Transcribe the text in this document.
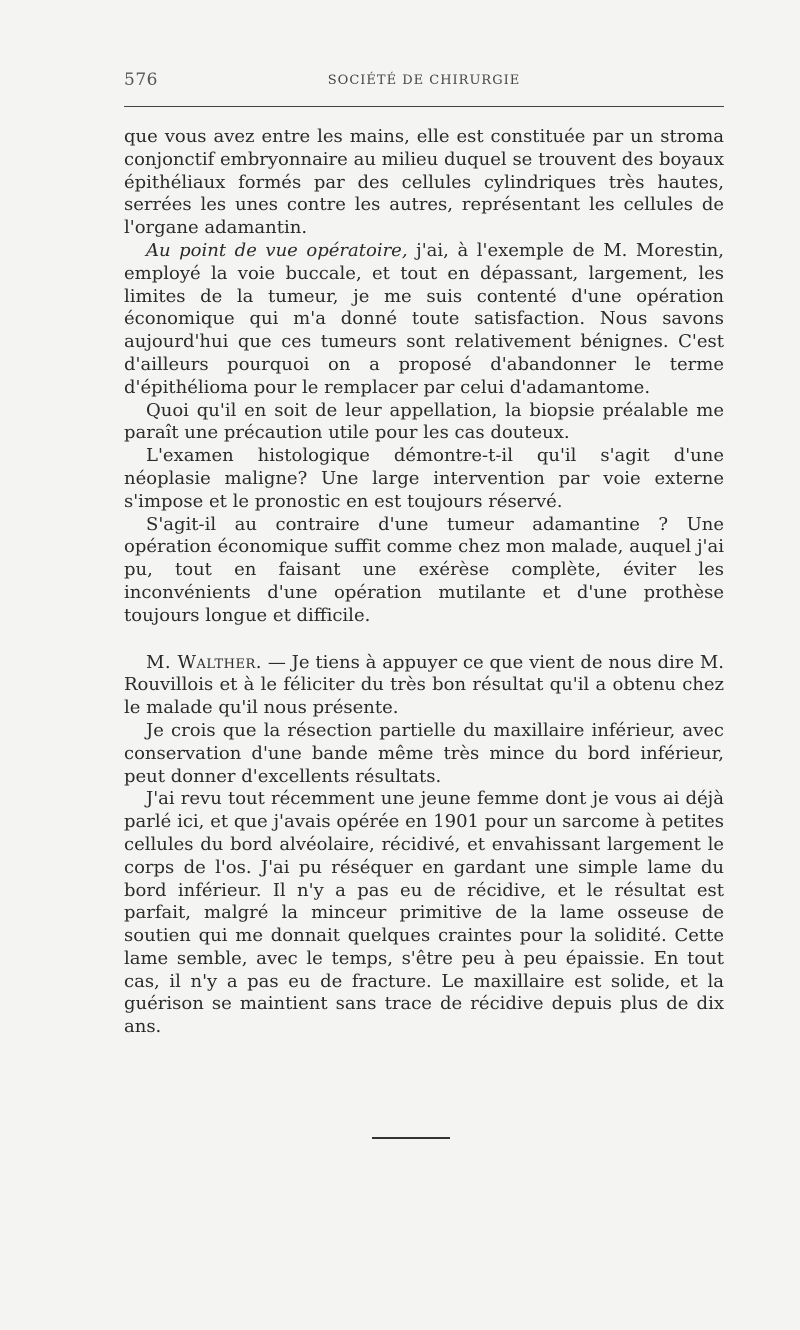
576	SOCIÉTÉ DE CHIRURGIE

que vous avez entre les mains, elle est constituée par un stroma conjonctif embryonnaire au milieu duquel se trouvent des boyaux épithéliaux formés par des cellules cylindriques très hautes, serrées les unes contre les autres, représentant les cellules de l'organe adamantin.

Au point de vue opératoire, j'ai, à l'exemple de M. Morestin, employé la voie buccale, et tout en dépassant, largement, les limites de la tumeur, je me suis contenté d'une opération économique qui m'a donné toute satisfaction. Nous savons aujourd'hui que ces tumeurs sont relativement bénignes. C'est d'ailleurs pourquoi on a proposé d'abandonner le terme d'épithélioma pour le remplacer par celui d'adamantome.

Quoi qu'il en soit de leur appellation, la biopsie préalable me paraît une précaution utile pour les cas douteux.

L'examen histologique démontre-t-il qu'il s'agit d'une néoplasie maligne? Une large intervention par voie externe s'impose et le pronostic en est toujours réservé.

S'agit-il au contraire d'une tumeur adamantine ? Une opération économique suffit comme chez mon malade, auquel j'ai pu, tout en faisant une exérèse complète, éviter les inconvénients d'une opération mutilante et d'une prothèse toujours longue et difficile.

M. Walther. — Je tiens à appuyer ce que vient de nous dire M. Rouvillois et à le féliciter du très bon résultat qu'il a obtenu chez le malade qu'il nous présente.

Je crois que la résection partielle du maxillaire inférieur, avec conservation d'une bande même très mince du bord inférieur, peut donner d'excellents résultats.

J'ai revu tout récemment une jeune femme dont je vous ai déjà parlé ici, et que j'avais opérée en 1901 pour un sarcome à petites cellules du bord alvéolaire, récidivé, et envahissant largement le corps de l'os. J'ai pu réséquer en gardant une simple lame du bord inférieur. Il n'y a pas eu de récidive, et le résultat est parfait, malgré la minceur primitive de la lame osseuse de soutien qui me donnait quelques craintes pour la solidité. Cette lame semble, avec le temps, s'être peu à peu épaissie. En tout cas, il n'y a pas eu de fracture. Le maxillaire est solide, et la guérison se maintient sans trace de récidive depuis plus de dix ans.
